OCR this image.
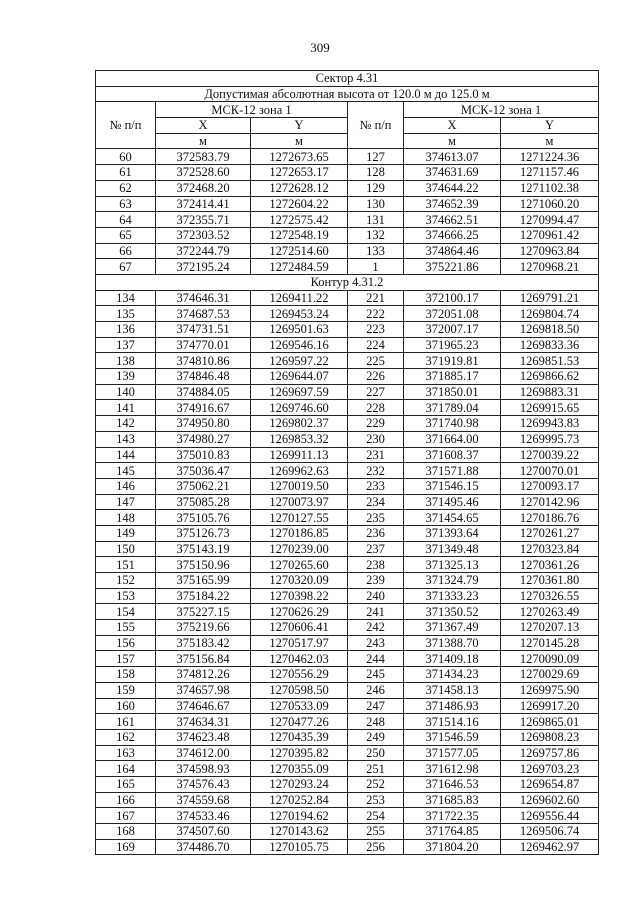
309
Сектор 4.31					
Допустимая абсолютная высота от 120.0 м до 125.0 м					
№ п/п	МСК-12 зона 1		№ п/п	МСК-12 зона 1	
	X	Y		X	Y
	м	м		м	м
60	372583.79	1272673.65	127	374613.07	1271224.36
61	372528.60	1272653.17	128	374631.69	1271157.46
62	372468.20	1272628.12	129	374644.22	1271102.38
63	372414.41	1272604.22	130	374652.39	1271060.20
64	372355.71	1272575.42	131	374662.51	1270994.47
65	372303.52	1272548.19	132	374666.25	1270961.42
66	372244.79	1272514.60	133	374864.46	1270963.84
67	372195.24	1272484.59	1	375221.86	1270968.21
Контур 4.31.2					
134	374646.31	1269411.22	221	372100.17	1269791.21
135	374687.53	1269453.24	222	372051.08	1269804.74
136	374731.51	1269501.63	223	372007.17	1269818.50
137	374770.01	1269546.16	224	371965.23	1269833.36
138	374810.86	1269597.22	225	371919.81	1269851.53
139	374846.48	1269644.07	226	371885.17	1269866.62
140	374884.05	1269697.59	227	371850.01	1269883.31
141	374916.67	1269746.60	228	371789.04	1269915.65
142	374950.80	1269802.37	229	371740.98	1269943.83
143	374980.27	1269853.32	230	371664.00	1269995.73
144	375010.83	1269911.13	231	371608.37	1270039.22
145	375036.47	1269962.63	232	371571.88	1270070.01
146	375062.21	1270019.50	233	371546.15	1270093.17
147	375085.28	1270073.97	234	371495.46	1270142.96
148	375105.76	1270127.55	235	371454.65	1270186.76
149	375126.73	1270186.85	236	371393.64	1270261.27
150	375143.19	1270239.00	237	371349.48	1270323.84
151	375150.96	1270265.60	238	371325.13	1270361.26
152	375165.99	1270320.09	239	371324.79	1270361.80
153	375184.22	1270398.22	240	371333.23	1270326.55
154	375227.15	1270626.29	241	371350.52	1270263.49
155	375219.66	1270606.41	242	371367.49	1270207.13
156	375183.42	1270517.97	243	371388.70	1270145.28
157	375156.84	1270462.03	244	371409.18	1270090.09
158	374812.26	1270556.29	245	371434.23	1270029.69
159	374657.98	1270598.50	246	371458.13	1269975.90
160	374646.67	1270533.09	247	371486.93	1269917.20
161	374634.31	1270477.26	248	371514.16	1269865.01
162	374623.48	1270435.39	249	371546.59	1269808.23
163	374612.00	1270395.82	250	371577.05	1269757.86
164	374598.93	1270355.09	251	371612.98	1269703.23
165	374576.43	1270293.24	252	371646.53	1269654.87
166	374559.68	1270252.84	253	371685.83	1269602.60
167	374533.46	1270194.62	254	371722.35	1269556.44
168	374507.60	1270143.62	255	371764.85	1269506.74
169	374486.70	1270105.75	256	371804.20	1269462.97
